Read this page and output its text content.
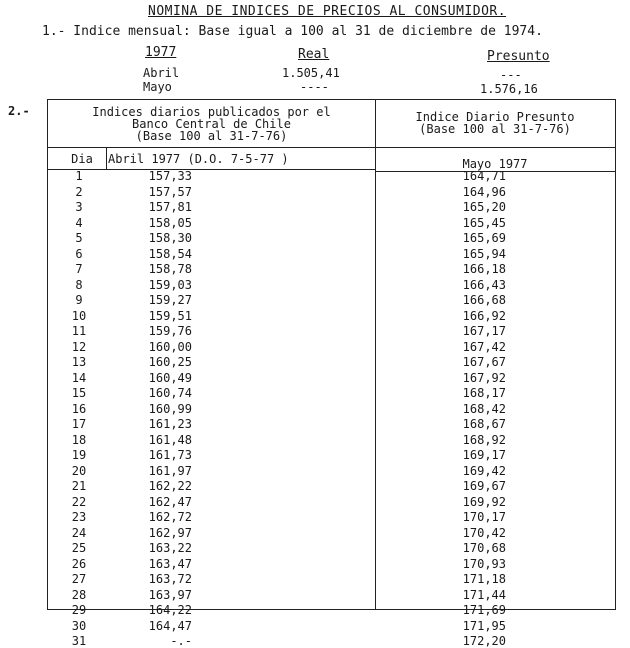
NOMINA DE INDICES DE PRECIOS AL CONSUMIDOR.
1.- Indice mensual: Base igual a 100 al 31 de diciembre de 1974.
1977	Real	Presunto
Abril	1.505,41	---
Mayo	----	1.576,16
2.-	Indices diarios publicados por el
Banco Central de Chile
(Base 100 al 31-7-76)
Indice Diario Presunto
(Base 100 al 31-7-76)
Dia	Abril 1977 (D.O. 7-5-77 )	Mayo 1977
1	157,33	164,71
2	157,57	164,96
3	157,81	165,20
4	158,05	165,45
5	158,30	165,69
6	158,54	165,94
7	158,78	166,18
8	159,03	166,43
9	159,27	166,68
10	159,51	166,92
11	159,76	167,17
12	160,00	167,42
13	160,25	167,67
14	160,49	167,92
15	160,74	168,17
16	160,99	168,42
17	161,23	168,67
18	161,48	168,92
19	161,73	169,17
20	161,97	169,42
21	162,22	169,67
22	162,47	169,92
23	162,72	170,17
24	162,97	170,42
25	163,22	170,68
26	163,47	170,93
27	163,72	171,18
28	163,97	171,44
29	164,22	171,69
30	164,47	171,95
31	-.-	172,20
